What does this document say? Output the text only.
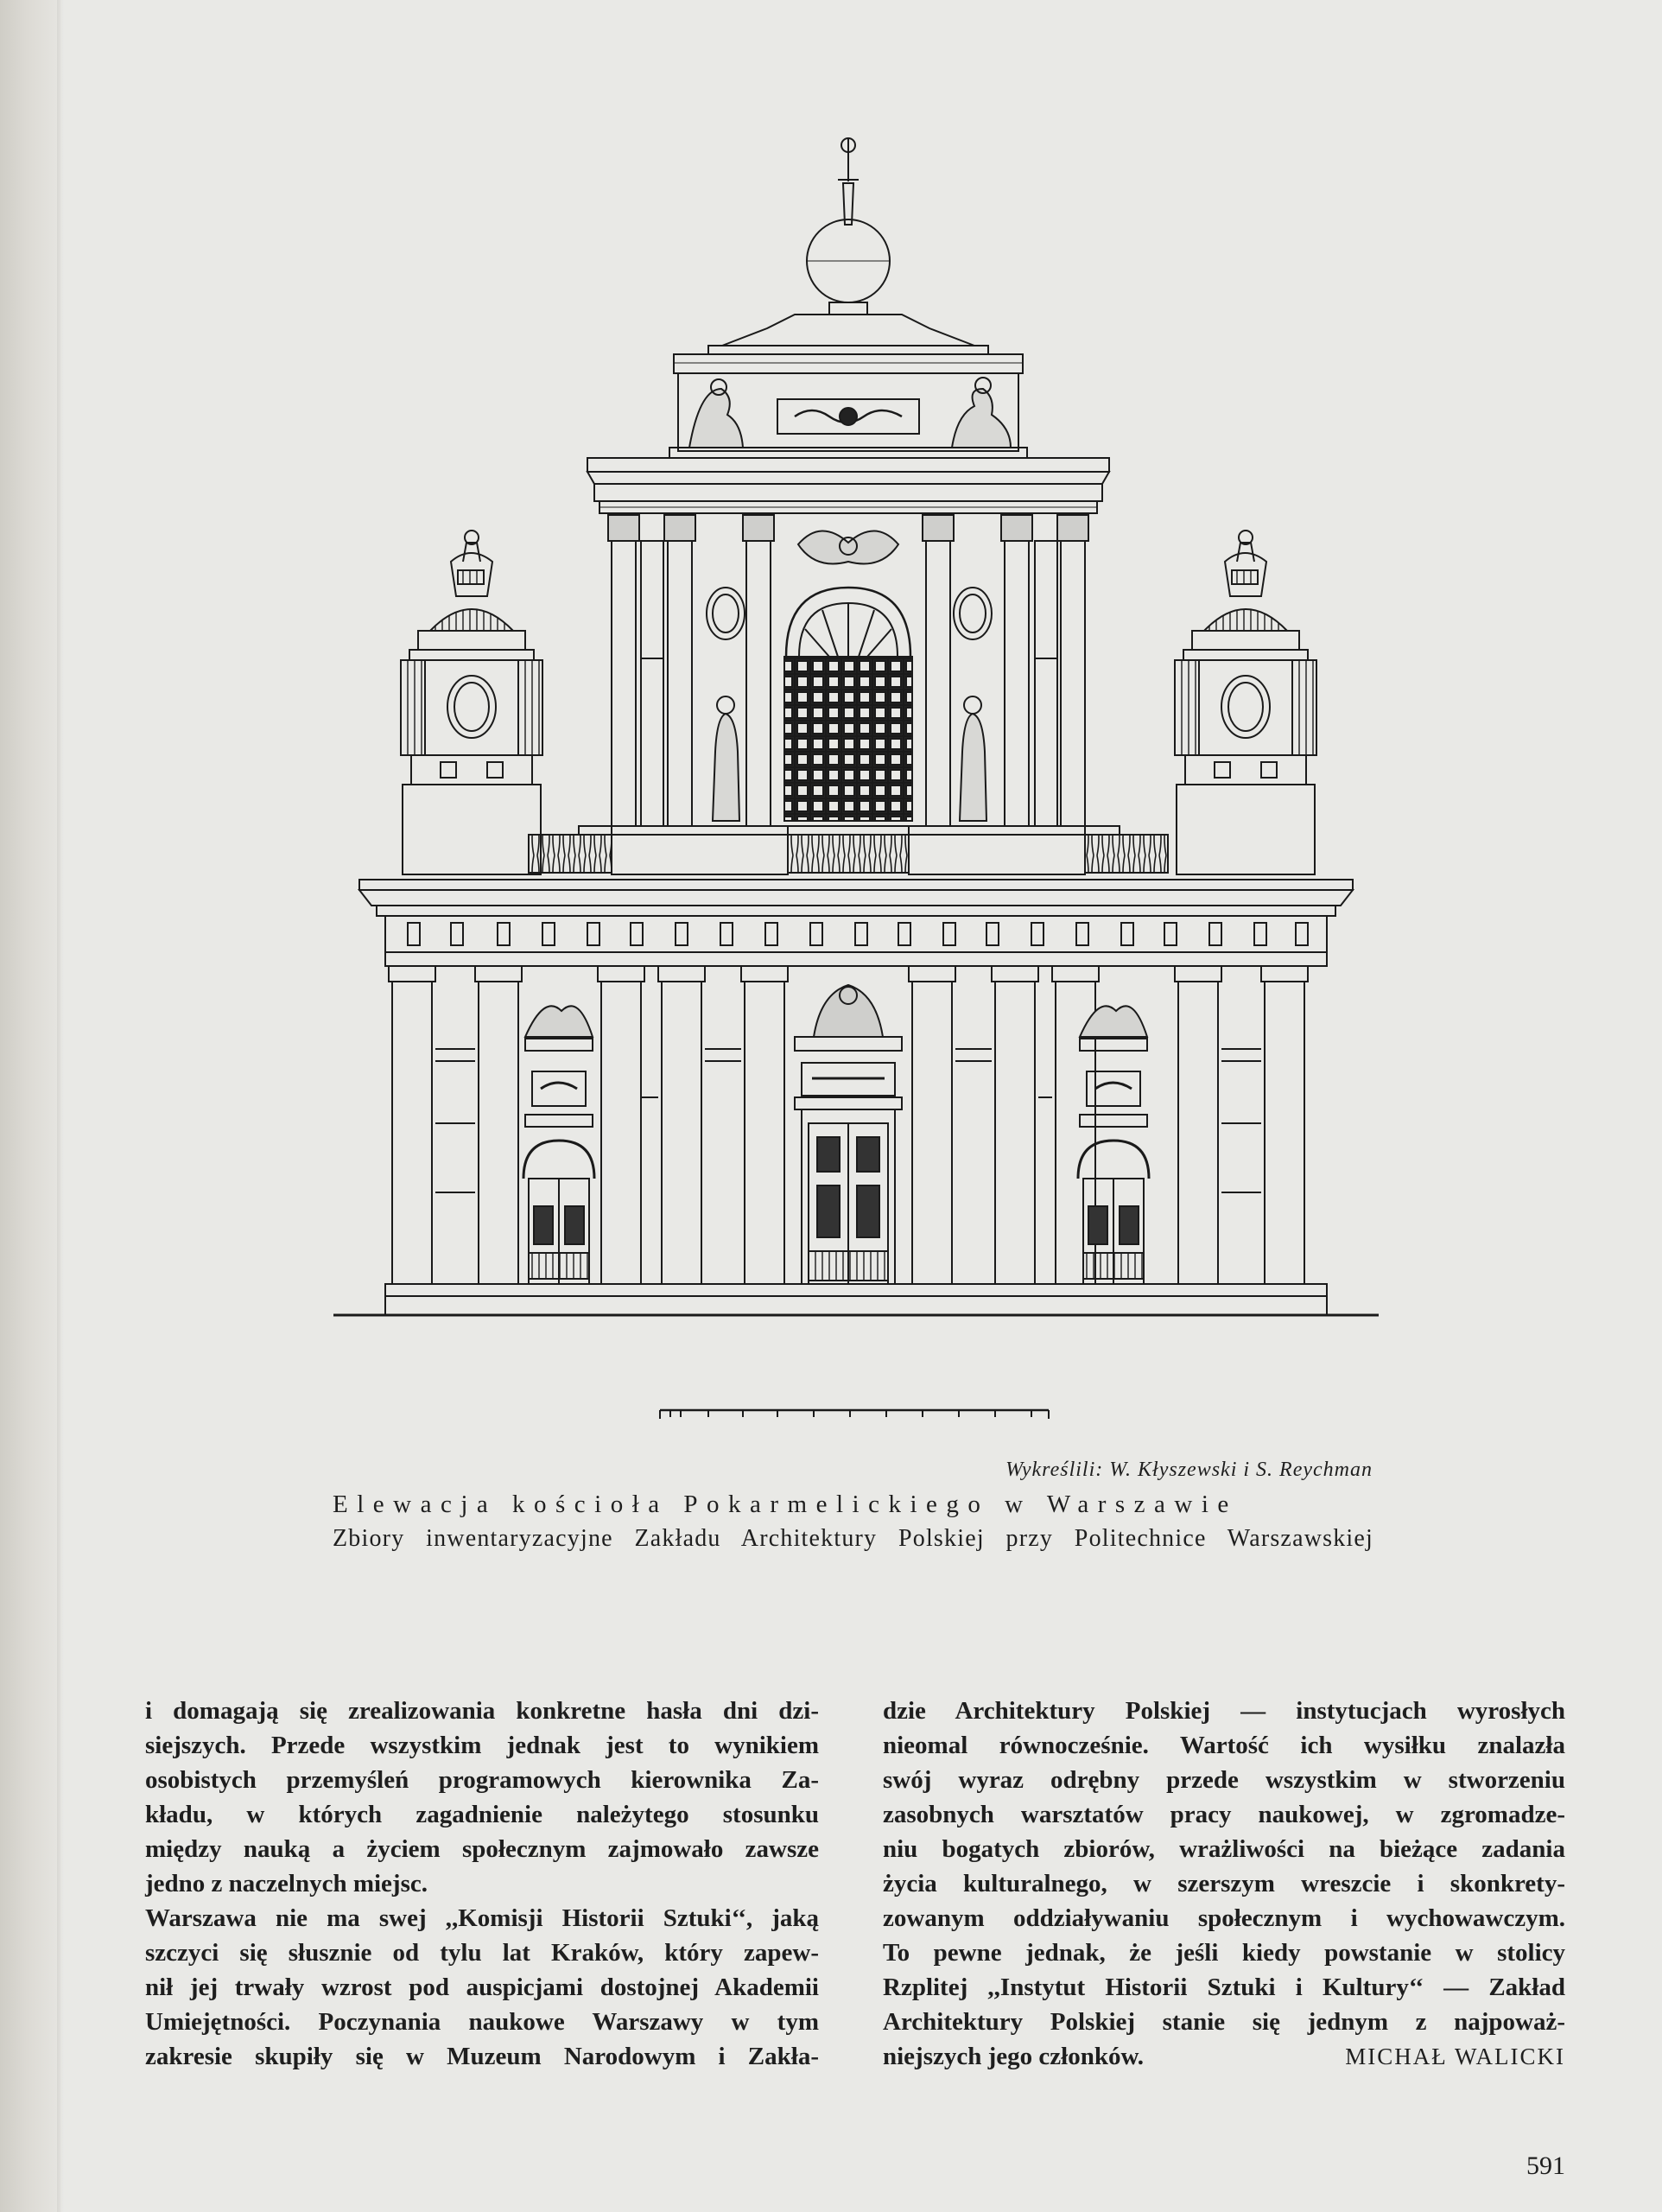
Wykreślili: W. Kłyszewski i S. Reychman
Elewacja kościoła Pokarmelickiego w Warszawie
Zbiory inwentaryzacyjne Zakładu Architektury Polskiej przy Politechnice Warszawskiej
i domagają się zrealizowania konkretne hasła dni dzi-
siejszych. Przede wszystkim jednak jest to wynikiem
osobistych przemyśleń programowych kierownika Za-
kładu, w których zagadnienie należytego stosunku
między nauką a życiem społecznym zajmowało zawsze
jedno z naczelnych miejsc.
Warszawa nie ma swej ,,Komisji Historii Sztuki‘‘, jaką
szczyci się słusznie od tylu lat Kraków, który zapew-
nił jej trwały wzrost pod auspicjami dostojnej Akademii
Umiejętności. Poczynania naukowe Warszawy w tym
zakresie skupiły się w Muzeum Narodowym i Zakła-
dzie Architektury Polskiej — instytucjach wyrosłych
nieomal równocześnie. Wartość ich wysiłku znalazła
swój wyraz odrębny przede wszystkim w stworzeniu
zasobnych warsztatów pracy naukowej, w zgromadze-
niu bogatych zbiorów, wrażliwości na bieżące zadania
życia kulturalnego, w szerszym wreszcie i skonkrety-
zowanym oddziaływaniu społecznym i wychowawczym.
To pewne jednak, że jeśli kiedy powstanie w stolicy
Rzplitej ,,Instytut Historii Sztuki i Kultury‘‘ — Zakład
Architektury Polskiej stanie się jednym z najpoważ-
niejszych jego członków.	MICHAŁ WALICKI
591
